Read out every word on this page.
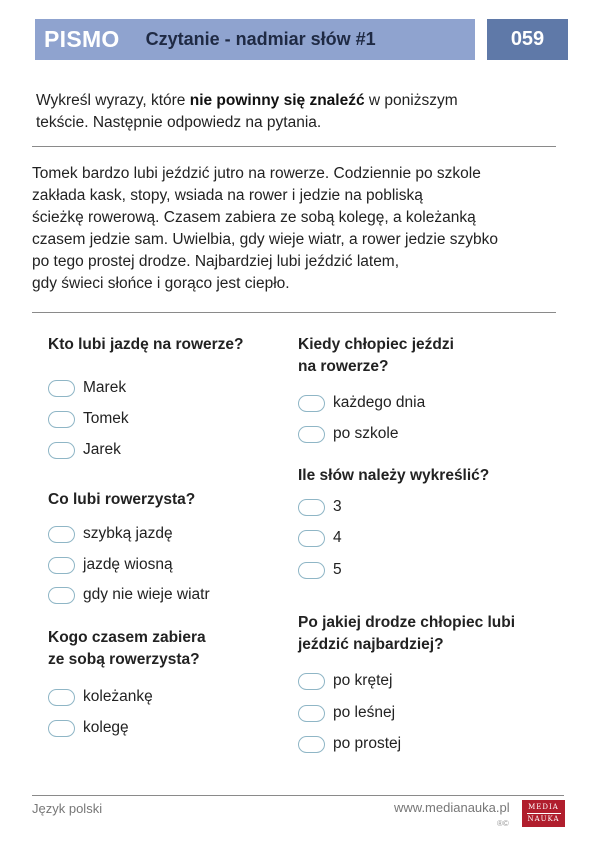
PISMO Czytanie - nadmiar słów #1	059
Wykreśl wyrazy, które nie powinny się znaleźć w poniższym
tekście. Następnie odpowiedz na pytania.
Tomek bardzo lubi jeździć jutro na rowerze. Codziennie po szkole
zakłada kask, stopy, wsiada na rower i jedzie na pobliską
ścieżkę rowerową. Czasem zabiera ze sobą kolegę, a koleżanką
czasem jedzie sam. Uwielbia, gdy wieje wiatr, a rower jedzie szybko
po tego prostej drodze. Najbardziej lubi jeździć latem,
gdy świeci słońce i gorąco jest ciepło.
Kto lubi jazdę na rowerze?
Marek
Tomek
Jarek
Co lubi rowerzysta?
szybką jazdę
jazdę wiosną
gdy nie wieje wiatr
Kogo czasem zabiera
ze sobą rowerzysta?
koleżankę
kolegę
Kiedy chłopiec jeździ
na rowerze?
każdego dnia
po szkole
Ile słów należy wykreślić?
3
4
5
Po jakiej drodze chłopiec lubi
jeździć najbardziej?
po krętej
po leśnej
po prostej
Język polski	www.medianauka.pl
®©
MEDIA
NAUKA
